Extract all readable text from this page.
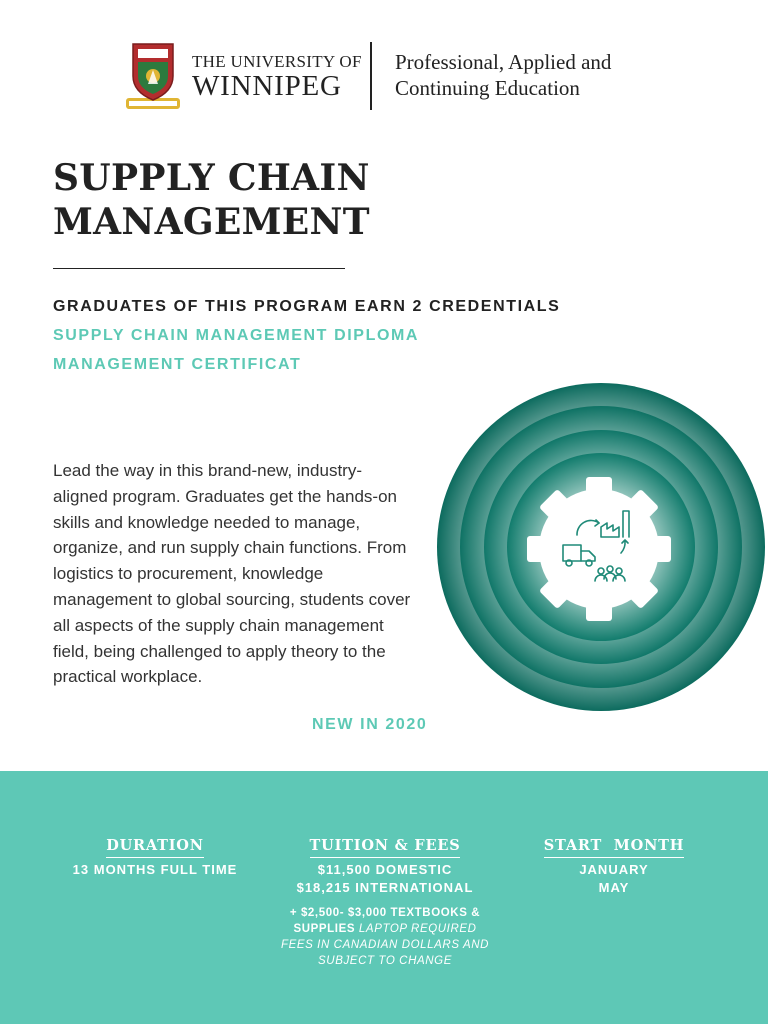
THE UNIVERSITY OF
WINNIPEG
Professional, Applied and
Continuing Education
SUPPLY CHAIN
MANAGEMENT
GRADUATES OF THIS PROGRAM EARN 2 CREDENTIALS
SUPPLY CHAIN MANAGEMENT DIPLOMA
MANAGEMENT CERTIFICAT

Lead the way in this brand-new, industry-aligned program. Graduates get the hands-on skills and knowledge needed to manage, organize, and run supply chain functions. From logistics to procurement, knowledge management to global sourcing, students cover all aspects of the supply chain management field, being challenged to apply theory to the practical workplace.

NEW IN 2020
DURATION
13 MONTHS FULL TIME
TUITION & FEES
$11,500 DOMESTIC
$18,215 INTERNATIONAL
+ $2,500- $3,000 TEXTBOOKS & SUPPLIES LAPTOP REQUIRED
FEES IN CANADIAN DOLLARS AND SUBJECT TO CHANGE
START  MONTH
JANUARY
MAY
